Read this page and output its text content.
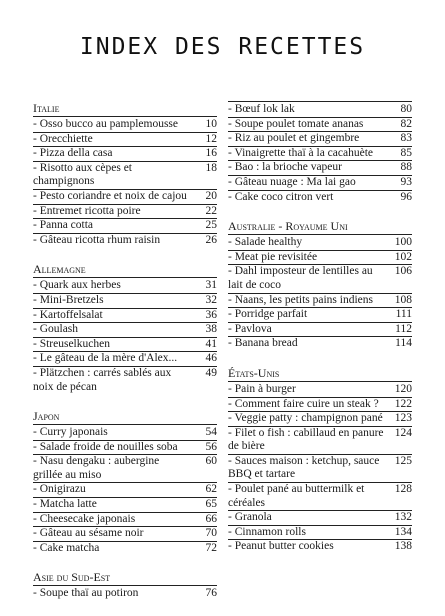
INDEX DES RECETTES
Italie
- Osso bucco au pamplemousse	10
- Orecchiette	12
- Pizza della casa	16
- Risotto aux cèpes et champignons
18
- Pesto coriandre et noix de cajou	20
- Entremet ricotta poire	22
- Panna cotta	25
- Gâteau ricotta rhum raisin	26
Allemagne
- Quark aux herbes	31
- Mini-Bretzels	32
- Kartoffelsalat	36
- Goulash	38
- Streuselkuchen	41
- Le gâteau de la mère d'Alex...	46
- Plätzchen : carrés sablés aux noix de pécan
49
Japon
- Curry japonais	54
- Salade froide de nouilles soba	56
- Nasu dengaku : aubergine grillée au miso
60
- Onigirazu	62
- Matcha latte	65
- Cheesecake japonais	66
- Gâteau au sésame noir	70
- Cake matcha	72
Asie du Sud-Est
- Soupe thaï au potiron	76
- Bœuf lok lak	80
- Soupe poulet tomate ananas	82
- Riz au poulet et gingembre	83
- Vinaigrette thaï à la cacahuète	85
- Bao : la brioche vapeur	88
- Gâteau nuage : Ma lai gao	93
- Cake coco citron vert	96
Australie - Royaume Uni
- Salade healthy	100
- Meat pie revisitée	102
- Dahl imposteur de lentilles au lait de coco
106
- Naans, les petits pains indiens	108
- Porridge parfait	111
- Pavlova	112
- Banana bread	114
États-Unis
- Pain à burger	120
- Comment faire cuire un steak ?	122
- Veggie patty : champignon pané	123
- Filet o fish : cabillaud en panure de bière
124
- Sauces maison : ketchup, sauce BBQ et tartare
125
- Poulet pané au buttermilk et céréales
128
- Granola	132
- Cinnamon rolls	134
- Peanut butter cookies	138
